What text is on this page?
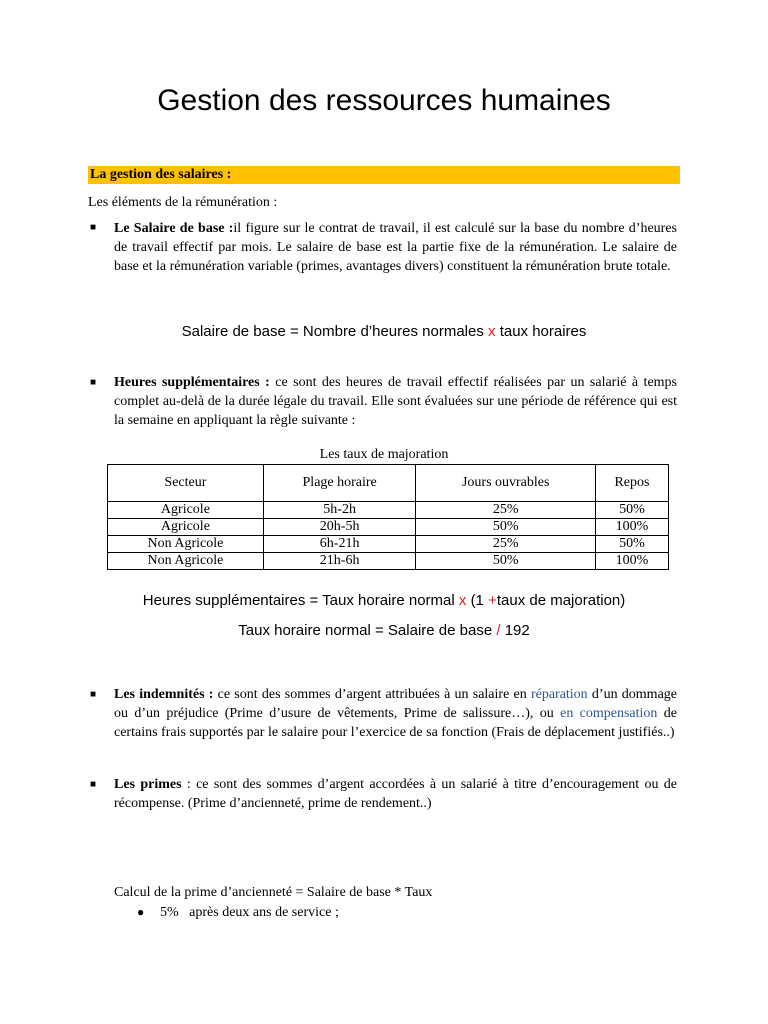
Gestion des ressources humaines
La gestion des salaires :
Les éléments de la rémunération :
■	Le Salaire de base :il figure sur le contrat de travail, il est calculé sur la base du nombre d’heures de travail effectif par mois. Le salaire de base est la partie fixe de la rémunération. Le salaire de base et la rémunération variable (primes, avantages divers) constituent la rémunération brute totale.
Salaire de base = Nombre d’heures normales x taux horaires
■	Heures supplémentaires : ce sont des heures de travail effectif réalisées par un salarié à temps complet au-delà de la durée légale du travail. Elle sont évaluées sur une période de référence qui est la semaine en appliquant la règle suivante :
Les taux de majoration
Secteur	Plage horaire	Jours ouvrables	Repos
Agricole	5h-2h	25%	50%
Agricole	20h-5h	50%	100%
Non Agricole	6h-21h	25%	50%
Non Agricole	21h-6h	50%	100%
Heures supplémentaires = Taux horaire normal x (1 +taux de majoration)
Taux horaire normal = Salaire de base / 192
■	Les indemnités : ce sont des sommes d’argent attribuées à un salaire en réparation d’un dommage ou d’un préjudice (Prime d’usure de vêtements, Prime de salissure…), ou en compensation de certains frais supportés par le salaire pour l’exercice de sa fonction (Frais de déplacement justifiés..)
■	Les primes : ce sont des sommes d’argent accordées à un salarié à titre d’encouragement ou de récompense. (Prime d’ancienneté, prime de rendement..)
Calcul de la prime d’ancienneté = Salaire de base * Taux
● 5% après deux ans de service ;
